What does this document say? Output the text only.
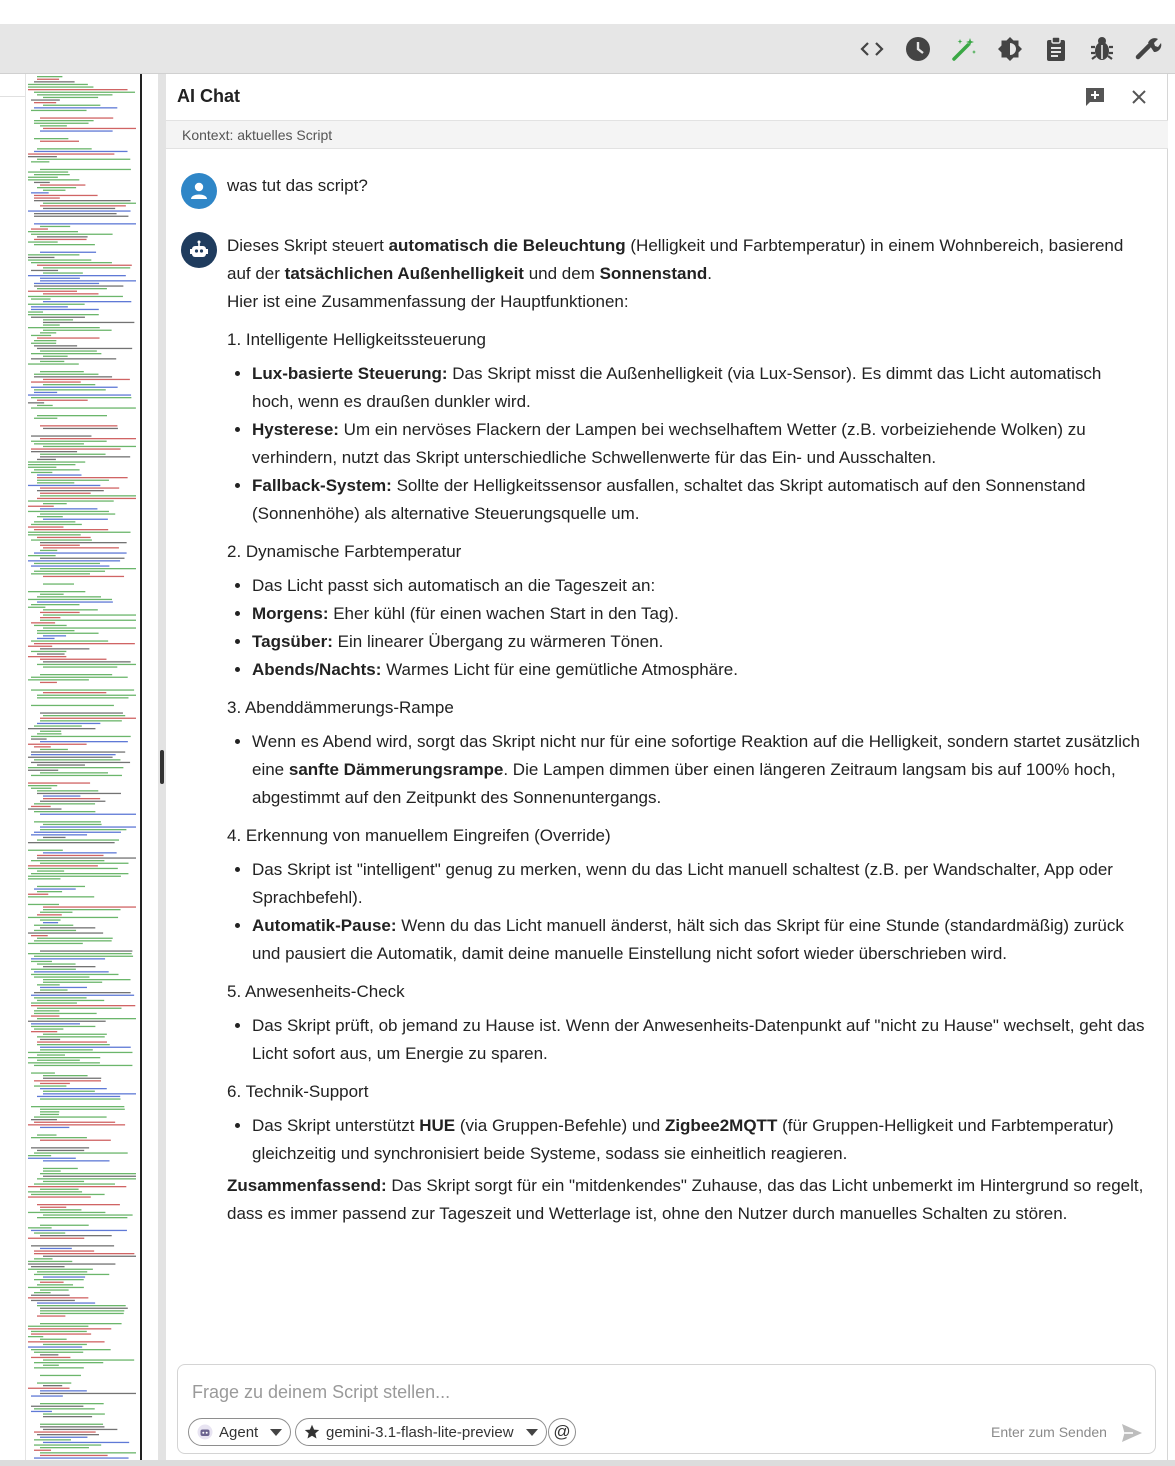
AI Chat
Kontext: aktuelles Script
was tut das script?

Dieses Skript steuert automatisch die Beleuchtung (Helligkeit und Farbtemperatur) in einem Wohnbereich, basierend auf der tatsächlichen Außenhelligkeit und dem Sonnenstand.

Hier ist eine Zusammenfassung der Hauptfunktionen:

1. Intelligente Helligkeitssteuerung
• Lux-basierte Steuerung: Das Skript misst die Außenhelligkeit (via Lux-Sensor). Es dimmt das Licht automatisch hoch, wenn es draußen dunkler wird.
• Hysterese: Um ein nervöses Flackern der Lampen bei wechselhaftem Wetter (z.B. vorbeiziehende Wolken) zu verhindern, nutzt das Skript unterschiedliche Schwellenwerte für das Ein- und Ausschalten.
• Fallback-System: Sollte der Helligkeitssensor ausfallen, schaltet das Skript automatisch auf den Sonnenstand (Sonnenhöhe) als alternative Steuerungsquelle um.
2. Dynamische Farbtemperatur
• Das Licht passt sich automatisch an die Tageszeit an:
• Morgens: Eher kühl (für einen wachen Start in den Tag).
• Tagsüber: Ein linearer Übergang zu wärmeren Tönen.
• Abends/Nachts: Warmes Licht für eine gemütliche Atmosphäre.
3. Abenddämmerungs-Rampe
• Wenn es Abend wird, sorgt das Skript nicht nur für eine sofortige Reaktion auf die Helligkeit, sondern startet zusätzlich eine sanfte Dämmerungsrampe. Die Lampen dimmen über einen längeren Zeitraum langsam bis auf 100% hoch, abgestimmt auf den Zeitpunkt des Sonnenuntergangs.
4. Erkennung von manuellem Eingreifen (Override)
• Das Skript ist "intelligent" genug zu merken, wenn du das Licht manuell schaltest (z.B. per Wandschalter, App oder Sprachbefehl).
• Automatik-Pause: Wenn du das Licht manuell änderst, hält sich das Skript für eine Stunde (standardmäßig) zurück und pausiert die Automatik, damit deine manuelle Einstellung nicht sofort wieder überschrieben wird.
5. Anwesenheits-Check
• Das Skript prüft, ob jemand zu Hause ist. Wenn der Anwesenheits-Datenpunkt auf "nicht zu Hause" wechselt, geht das Licht sofort aus, um Energie zu sparen.
6. Technik-Support
• Das Skript unterstützt HUE (via Gruppen-Befehle) und Zigbee2MQTT (für Gruppen-Helligkeit und Farbtemperatur) gleichzeitig und synchronisiert beide Systeme, sodass sie einheitlich reagieren.

Zusammenfassend: Das Skript sorgt für ein "mitdenkendes" Zuhause, das das Licht unbemerkt im Hintergrund so regelt, dass es immer passend zur Tageszeit und Wetterlage ist, ohne den Nutzer durch manuelles Schalten zu stören.

Frage zu deinem Script stellen...
Agent	gemini-3.1-flash-lite-preview	@	Enter zum Senden
